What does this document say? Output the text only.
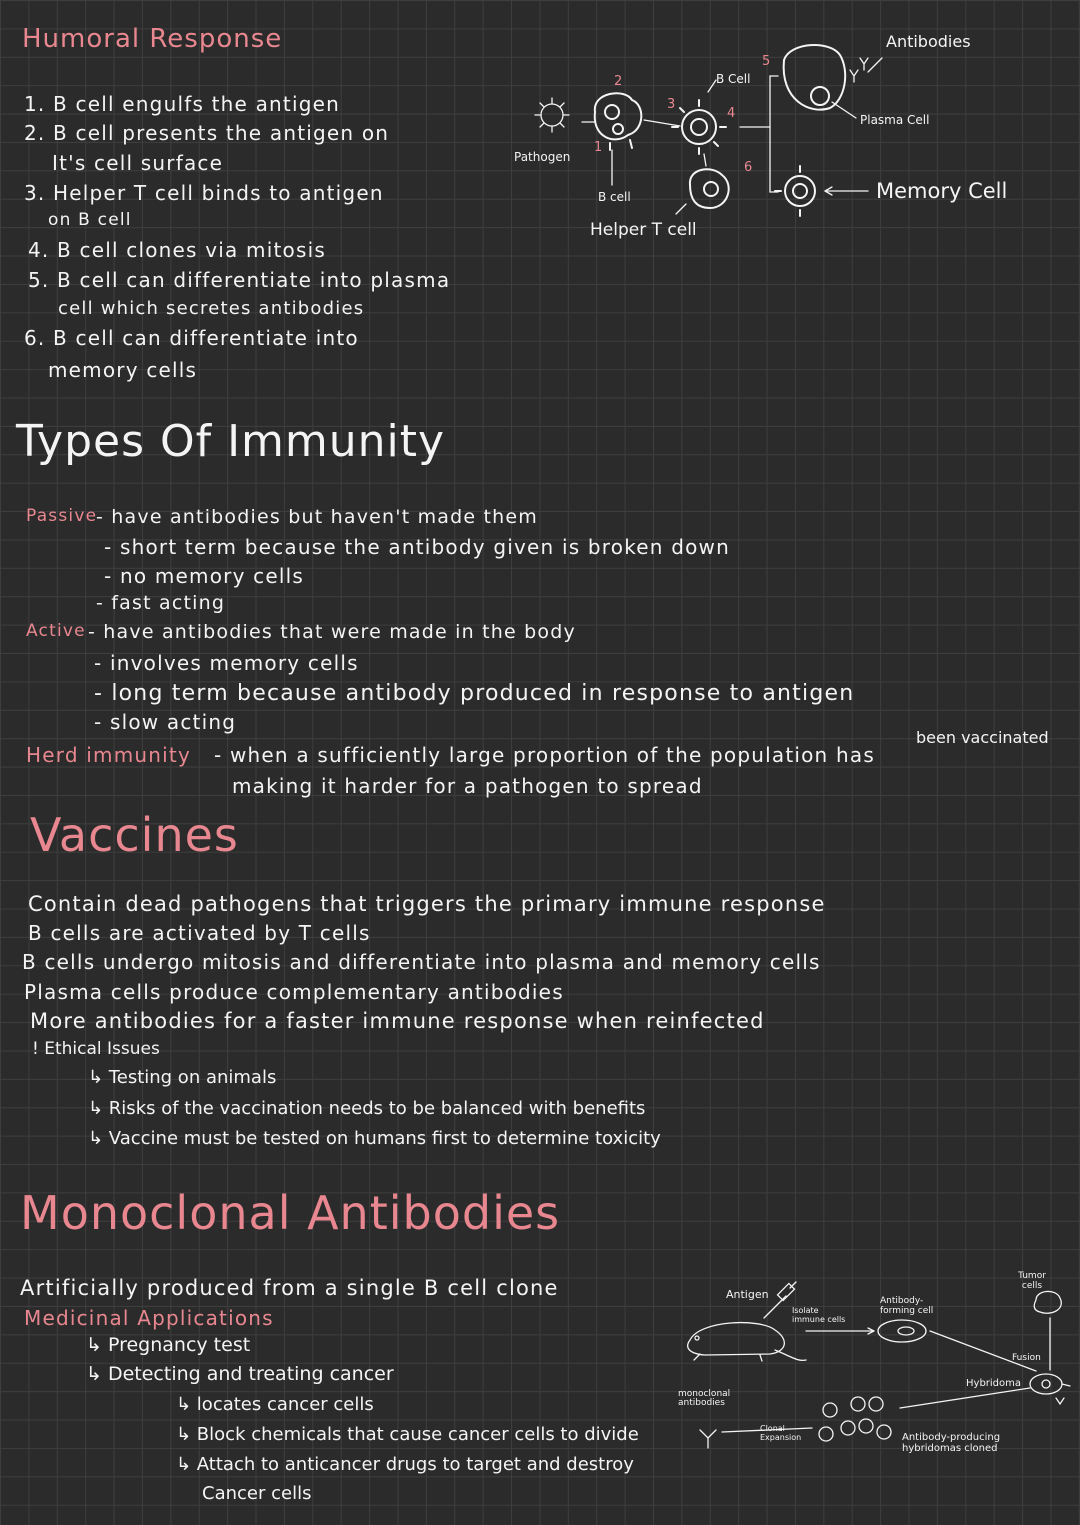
Humoral Response
1. B cell engulfs the antigen
2. B cell presents the antigen on
It's cell surface
3. Helper T cell binds to antigen
on B cell
4. B cell clones via mitosis
5. B cell can differentiate into plasma
cell which secretes antibodies
6. B cell can differentiate into
memory cells
Pathogen
1
2
3
4
5
6
B cell
B Cell
Helper T cell
Plasma Cell
Antibodies
Memory Cell
Types Of Immunity
Passive
- have antibodies but haven't made them
- short term because the antibody given is broken down
- no memory cells
- fast acting
Active - have antibodies that were made in the body
- involves memory cells
- long term because antibody produced in response to antigen
- slow acting
been vaccinated
Herd immunity - when a sufficiently large proportion of the population has
making it harder for a pathogen to spread
Vaccines
Contain dead pathogens that triggers the primary immune response
B cells are activated by T cells
B cells undergo mitosis and differentiate into plasma and memory cells
Plasma cells produce complementary antibodies
More antibodies for a faster immune response when reinfected
! Ethical Issues
↳ Testing on animals
↳ Risks of the vaccination needs to be balanced with benefits
↳ Vaccine must be tested on humans first to determine toxicity
Monoclonal Antibodies
Artificially produced from a single B cell clone
Medicinal Applications
↳ Pregnancy test
↳ Detecting and treating cancer
↳ locates cancer cells
↳ Block chemicals that cause cancer cells to divide
↳ Attach to anticancer drugs to target and destroy
Cancer cells
Antigen
Isolate immune cells
Antibody-forming cell
Tumor cells
Fusion
Hybridoma
monoclonal antibodies
Clonal Expansion	Antibody-producing hybridomas cloned
